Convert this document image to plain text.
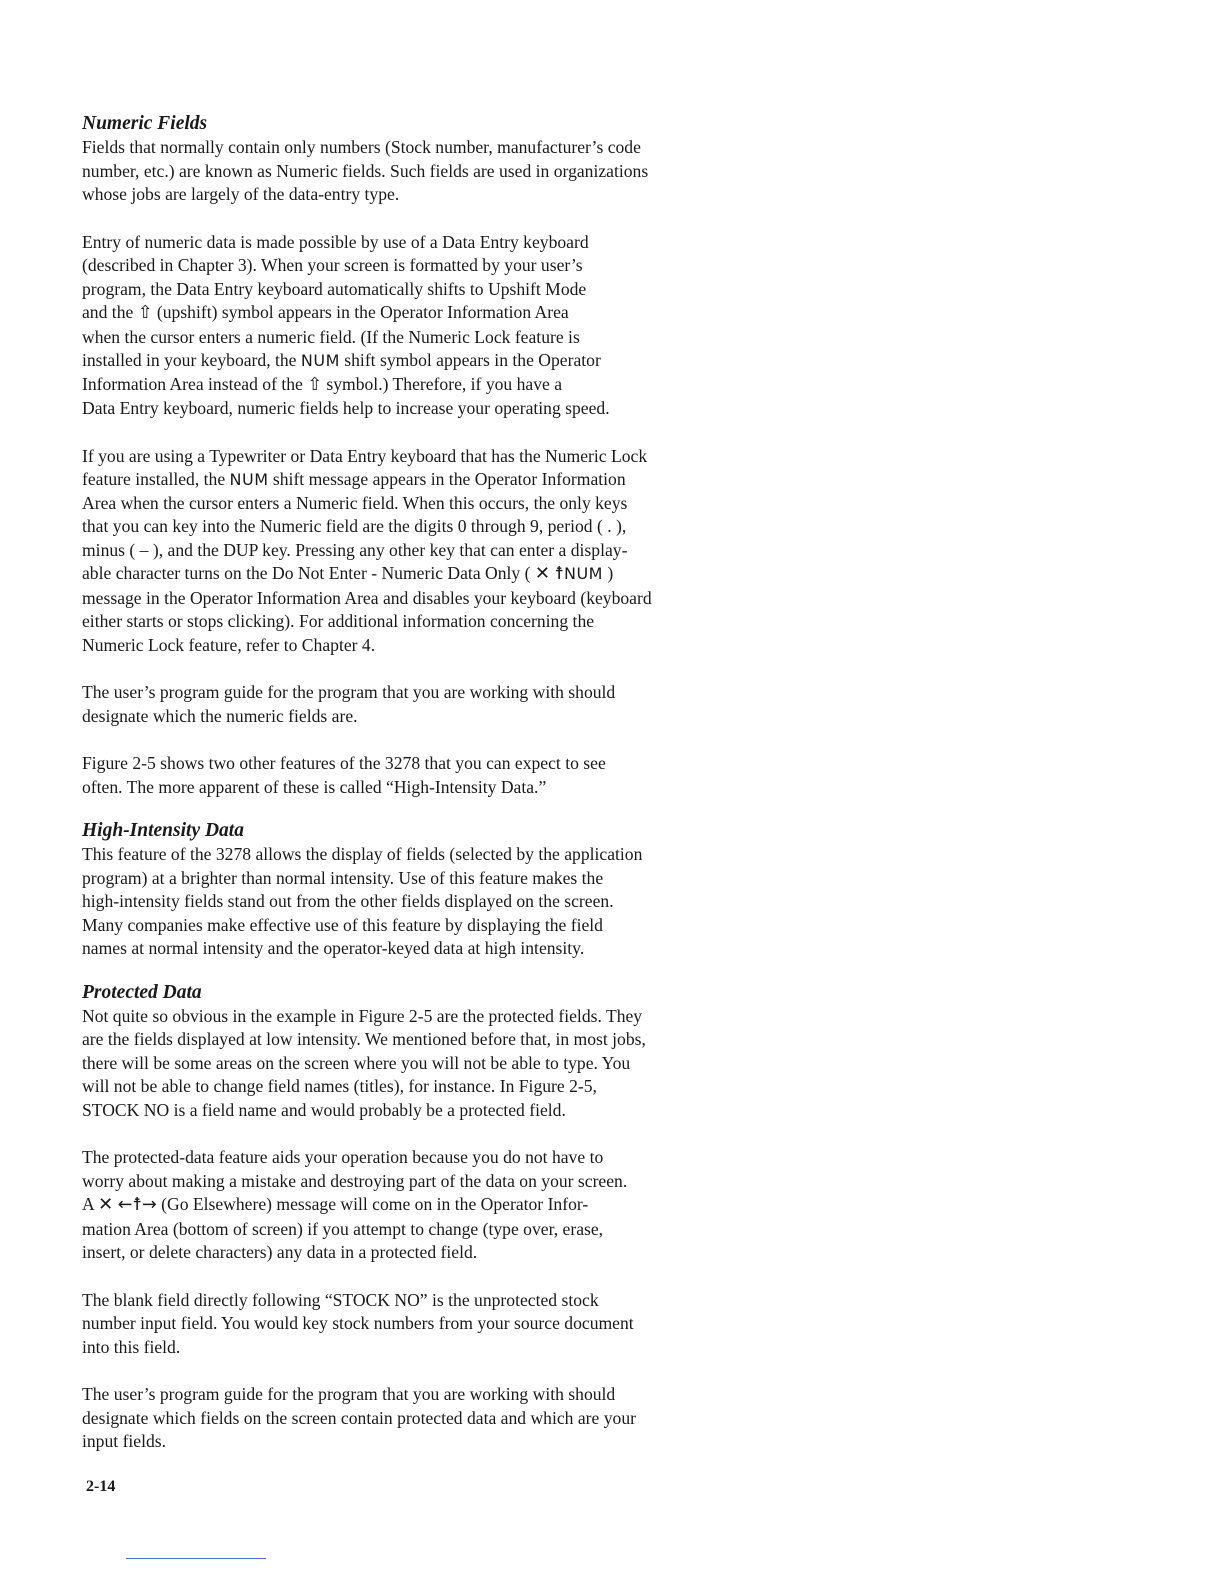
Numeric Fields

Fields that normally contain only numbers (Stock number, manufacturer’s code
number, etc.) are known as Numeric fields. Such fields are used in organizations
whose jobs are largely of the data-entry type.

Entry of numeric data is made possible by use of a Data Entry keyboard
(described in Chapter 3). When your screen is formatted by your user’s
program, the Data Entry keyboard automatically shifts to Upshift Mode
and the ⇧ (upshift) symbol appears in the Operator Information Area
when the cursor enters a numeric field. (If the Numeric Lock feature is
installed in your keyboard, the NUM shift symbol appears in the Operator
Information Area instead of the ⇧ symbol.) Therefore, if you have a
Data Entry keyboard, numeric fields help to increase your operating speed.

If you are using a Typewriter or Data Entry keyboard that has the Numeric Lock
feature installed, the NUM shift message appears in the Operator Information
Area when the cursor enters a Numeric field. When this occurs, the only keys
that you can key into the Numeric field are the digits 0 through 9, period ( . ),
minus ( – ), and the DUP key. Pressing any other key that can enter a display-
able character turns on the Do Not Enter - Numeric Data Only ( ✕ ☨NUM )
message in the Operator Information Area and disables your keyboard (keyboard
either starts or stops clicking). For additional information concerning the
Numeric Lock feature, refer to Chapter 4.

The user’s program guide for the program that you are working with should
designate which the numeric fields are.

Figure 2-5 shows two other features of the 3278 that you can expect to see
often. The more apparent of these is called “High-Intensity Data.”

High-Intensity Data

This feature of the 3278 allows the display of fields (selected by the application
program) at a brighter than normal intensity. Use of this feature makes the
high-intensity fields stand out from the other fields displayed on the screen.
Many companies make effective use of this feature by displaying the field
names at normal intensity and the operator-keyed data at high intensity.

Protected Data

Not quite so obvious in the example in Figure 2-5 are the protected fields. They
are the fields displayed at low intensity. We mentioned before that, in most jobs,
there will be some areas on the screen where you will not be able to type. You
will not be able to change field names (titles), for instance. In Figure 2-5,
STOCK NO is a field name and would probably be a protected field.

The protected-data feature aids your operation because you do not have to
worry about making a mistake and destroying part of the data on your screen.
A ✕ ←☨→ (Go Elsewhere) message will come on in the Operator Infor-
mation Area (bottom of screen) if you attempt to change (type over, erase,
insert, or delete characters) any data in a protected field.

The blank field directly following “STOCK NO” is the unprotected stock
number input field. You would key stock numbers from your source document
into this field.

The user’s program guide for the program that you are working with should
designate which fields on the screen contain protected data and which are your
input fields.

2-14
